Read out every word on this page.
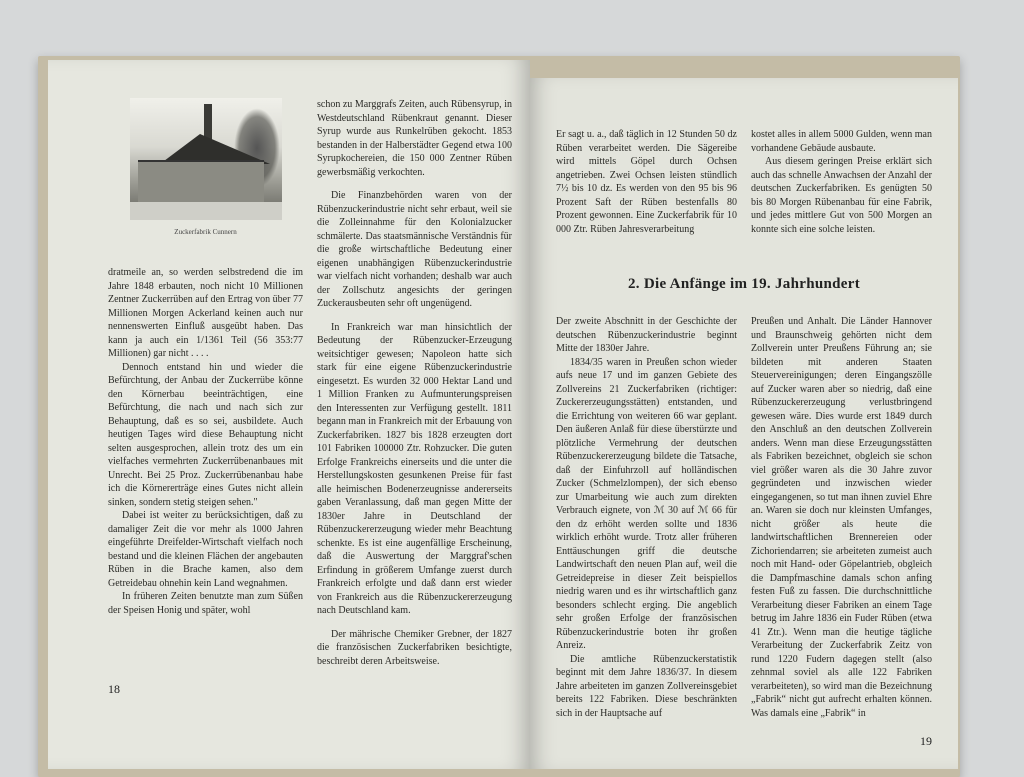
Zuckerfabrik Cunnern

dratmeile an, so werden selbstredend die im Jahre 1848 erbauten, noch nicht 10 Millionen Zentner Zuckerrüben auf den Ertrag von über 77 Millionen Morgen Ackerland keinen auch nur nennenswerten Einfluß ausgeübt haben. Das kann ja auch ein 1/1361 Teil (56 353:77 Millionen) gar nicht . . . .

Dennoch entstand hin und wieder die Befürchtung, der Anbau der Zuckerrübe könne den Körnerbau beeinträchtigen, eine Befürchtung, die nach und nach sich zur Behauptung, daß es so sei, ausbildete. Auch heutigen Tages wird diese Behauptung nicht selten ausgesprochen, allein trotz des um ein vielfaches vermehrten Zuckerrübenanbaues mit Unrecht. Bei 25 Proz. Zuckerrübenanbau habe ich die Körnererträge eines Gutes nicht allein sinken, sondern stetig steigen sehen."

Dabei ist weiter zu berücksichtigen, daß zu damaliger Zeit die vor mehr als 1000 Jahren eingeführte Dreifelder-Wirtschaft vielfach noch bestand und die kleinen Flächen der angebauten Rüben in die Brache kamen, also dem Getreidebau ohnehin kein Land wegnahmen.

In früheren Zeiten benutzte man zum Süßen der Speisen Honig und später, wohl

schon zu Marggrafs Zeiten, auch Rübensyrup, in Westdeutschland Rübenkraut genannt. Dieser Syrup wurde aus Runkelrüben gekocht. 1853 bestanden in der Halberstädter Gegend etwa 100 Syrupkochereien, die 150 000 Zentner Rüben gewerbsmäßig verkochten.

Die Finanzbehörden waren von der Rübenzuckerindustrie nicht sehr erbaut, weil sie die Zolleinnahme für den Kolonialzucker schmälerte. Das staatsmännische Verständnis für die große wirtschaftliche Bedeutung einer eigenen unabhängigen Rübenzuckerindustrie war vielfach nicht vorhanden; deshalb war auch der Zollschutz angesichts der geringen Zuckerausbeuten sehr oft ungenügend.

In Frankreich war man hinsichtlich der Bedeutung der Rübenzucker-Erzeugung weitsichtiger gewesen; Napoleon hatte sich stark für eine eigene Rübenzuckerindustrie eingesetzt. Es wurden 32 000 Hektar Land und 1 Million Franken zu Aufmunterungspreisen den Interessenten zur Verfügung gestellt. 1811 begann man in Frankreich mit der Erbauung von Zuckerfabriken. 1827 bis 1828 erzeugten dort 101 Fabriken 100000 Ztr. Rohzucker. Die guten Erfolge Frankreichs einerseits und die unter die Herstellungskosten gesunkenen Preise für fast alle heimischen Bodenerzeugnisse andererseits gaben Veranlassung, daß man gegen Mitte der 1830er Jahre in Deutschland der Rübenzuckererzeugung wieder mehr Beachtung schenkte. Es ist eine augenfällige Erscheinung, daß die Auswertung der Marggraf'schen Erfindung in größerem Umfange zuerst durch Frankreich erfolgte und daß dann erst wieder von Frankreich aus die Rübenzuckererzeugung nach Deutschland kam.

Der mährische Chemiker Grebner, der 1827 die französischen Zuckerfabriken besichtigte, beschreibt deren Arbeitsweise.

18

Er sagt u. a., daß täglich in 12 Stunden 50 dz Rüben verarbeitet werden. Die Sägereibe wird mittels Göpel durch Ochsen angetrieben. Zwei Ochsen leisten stündlich 7½ bis 10 dz. Es werden von den 95 bis 96 Prozent Saft der Rüben bestenfalls 80 Prozent gewonnen. Eine Zuckerfabrik für 10 000 Ztr. Rüben Jahresverarbeitung

kostet alles in allem 5000 Gulden, wenn man vorhandene Gebäude ausbaute.

Aus diesem geringen Preise erklärt sich auch das schnelle Anwachsen der Anzahl der deutschen Zuckerfabriken. Es genügten 50 bis 80 Morgen Rübenanbau für eine Fabrik, und jedes mittlere Gut von 500 Morgen an konnte sich eine solche leisten.

2. Die Anfänge im 19. Jahrhundert

Der zweite Abschnitt in der Geschichte der deutschen Rübenzuckerindustrie beginnt Mitte der 1830er Jahre.

1834/35 waren in Preußen schon wieder aufs neue 17 und im ganzen Gebiete des Zollvereins 21 Zuckerfabriken (richtiger: Zuckererzeugungsstätten) entstanden, und die Errichtung von weiteren 66 war geplant. Den äußeren Anlaß für diese überstürzte und plötzliche Vermehrung der deutschen Rübenzuckererzeugung bildete die Tatsache, daß der Einfuhrzoll auf holländischen Zucker (Schmelzlompen), der sich ebenso zur Umarbeitung wie auch zum direkten Verbrauch eignete, von ℳ 30 auf ℳ 66 für den dz erhöht werden sollte und 1836 wirklich erhöht wurde. Trotz aller früheren Enttäuschungen griff die deutsche Landwirtschaft den neuen Plan auf, weil die Getreidepreise in dieser Zeit beispiellos niedrig waren und es ihr wirtschaftlich ganz besonders schlecht erging. Die angeblich sehr großen Erfolge der französischen Rübenzuckerindustrie boten ihr großen Anreiz.

Die amtliche Rübenzuckerstatistik beginnt mit dem Jahre 1836/37. In diesem Jahre arbeiteten im ganzen Zollvereinsgebiet bereits 122 Fabriken. Diese beschränkten sich in der Hauptsache auf

Preußen und Anhalt. Die Länder Hannover und Braunschweig gehörten nicht dem Zollverein unter Preußens Führung an; sie bildeten mit anderen Staaten Steuervereinigungen; deren Eingangszölle auf Zucker waren aber so niedrig, daß eine Rübenzuckererzeugung verlustbringend gewesen wäre. Dies wurde erst 1849 durch den Anschluß an den deutschen Zollverein anders. Wenn man diese Erzeugungsstätten als Fabriken bezeichnet, obgleich sie schon viel größer waren als die 30 Jahre zuvor gegründeten und inzwischen wieder eingegangenen, so tut man ihnen zuviel Ehre an. Waren sie doch nur kleinsten Umfanges, nicht größer als heute die landwirtschaftlichen Brennereien oder Zichoriendarren; sie arbeiteten zumeist auch noch mit Hand- oder Göpelantrieb, obgleich die Dampfmaschine damals schon anfing festen Fuß zu fassen. Die durchschnittliche Verarbeitung dieser Fabriken an einem Tage betrug im Jahre 1836 ein Fuder Rüben (etwa 41 Ztr.). Wenn man die heutige tägliche Verarbeitung der Zuckerfabrik Zeitz von rund 1220 Fudern dagegen stellt (also zehnmal soviel als alle 122 Fabriken verarbeiteten), so wird man die Bezeichnung „Fabrik“ nicht gut aufrecht erhalten können. Was damals eine „Fabrik“ in

19
